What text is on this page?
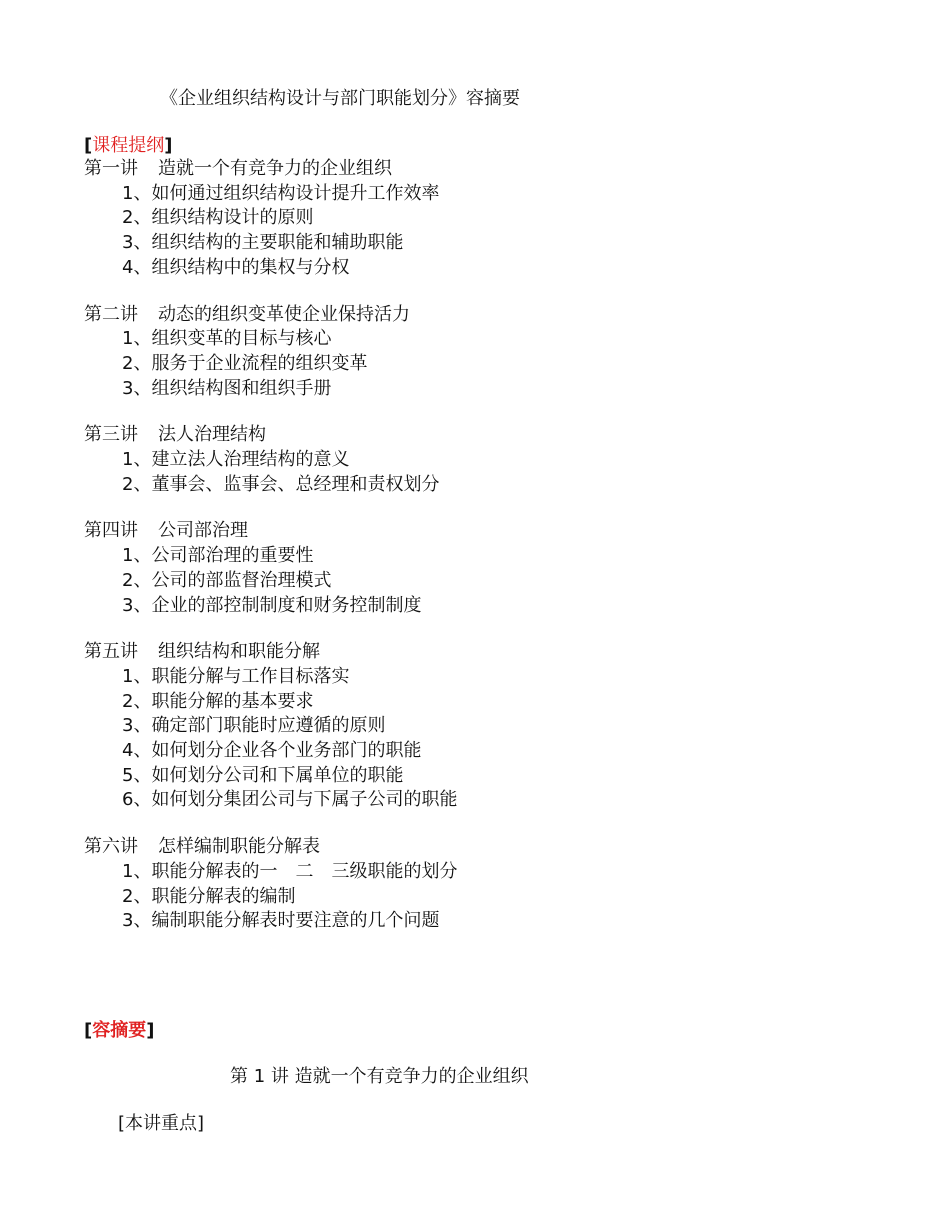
《企业组织结构设计与部门职能划分》容摘要
[课程提纲]
第一讲 造就一个有竞争力的企业组织
1、如何通过组织结构设计提升工作效率
2、组织结构设计的原则
3、组织结构的主要职能和辅助职能
4、组织结构中的集权与分权
第二讲 动态的组织变革使企业保持活力
1、组织变革的目标与核心
2、服务于企业流程的组织变革
3、组织结构图和组织手册
第三讲 法人治理结构
1、建立法人治理结构的意义
2、董事会、监事会、总经理和责权划分
第四讲 公司部治理
1、公司部治理的重要性
2、公司的部监督治理模式
3、企业的部控制制度和财务控制制度
第五讲 组织结构和职能分解
1、职能分解与工作目标落实
2、职能分解的基本要求
3、确定部门职能时应遵循的原则
4、如何划分企业各个业务部门的职能
5、如何划分公司和下属单位的职能
6、如何划分集团公司与下属子公司的职能
第六讲 怎样编制职能分解表
1、职能分解表的一　二　三级职能的划分
2、职能分解表的编制
3、编制职能分解表时要注意的几个问题
[容摘要]
第 1 讲 造就一个有竞争力的企业组织
[本讲重点]
